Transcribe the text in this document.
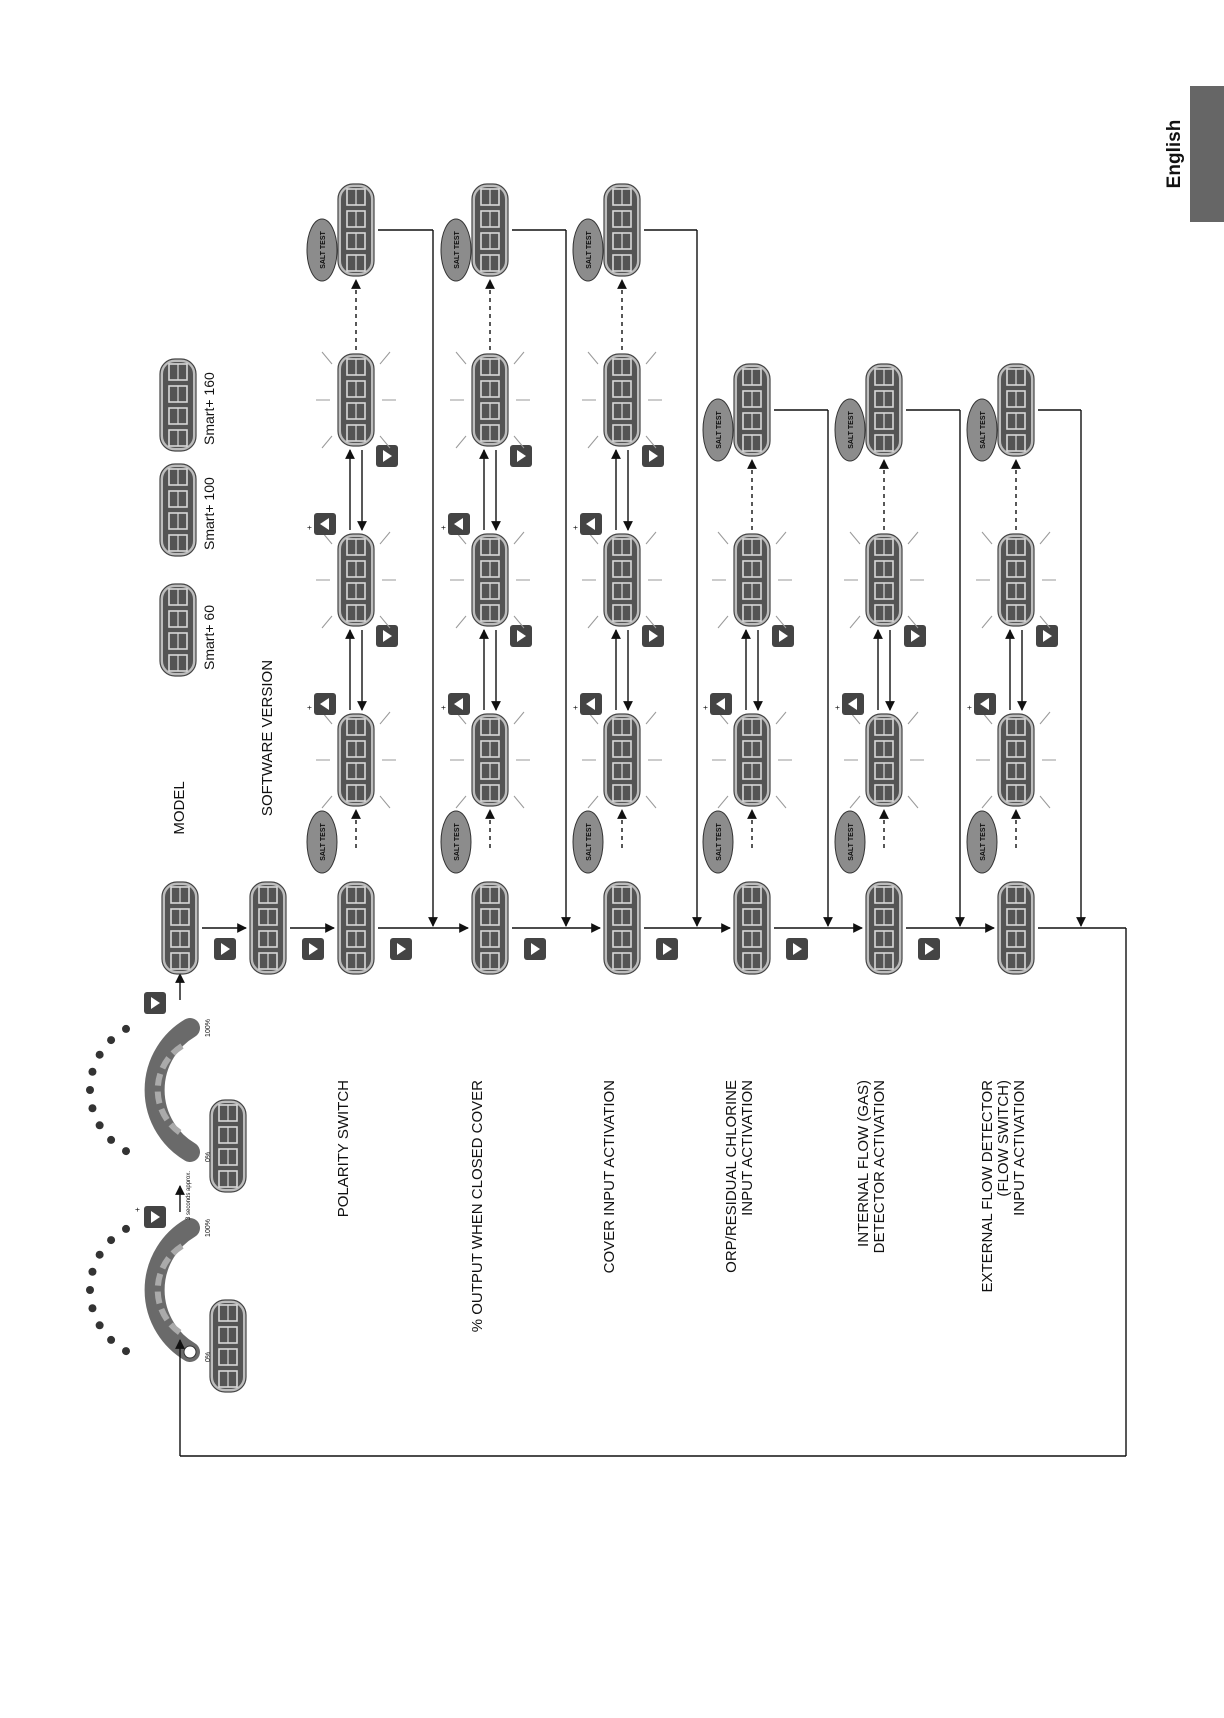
English
MODEL	SOFTWARE VERSION
Smart+ 60
Smart+ 100
Smart+ 160
0%
100%
0%
100%
+	3 seconds approx.	POLARITY SWITCH
SALT TEST
+
+
SALT TEST
% OUTPUT WHEN CLOSED COVER
SALT TEST
+
+
SALT TEST
COVER INPUT ACTIVATION
SALT TEST
+
+
SALT TEST
ORP/RESIDUAL CHLORINE INPUT ACTIVATION
SALT TEST
+
SALT TEST
INTERNAL FLOW (GAS) DETECTOR ACTIVATION
SALT TEST
+
SALT TEST
EXTERNAL FLOW DETECTOR (FLOW SWITCH) INPUT ACTIVATION
SALT TEST
+
SALT TEST
